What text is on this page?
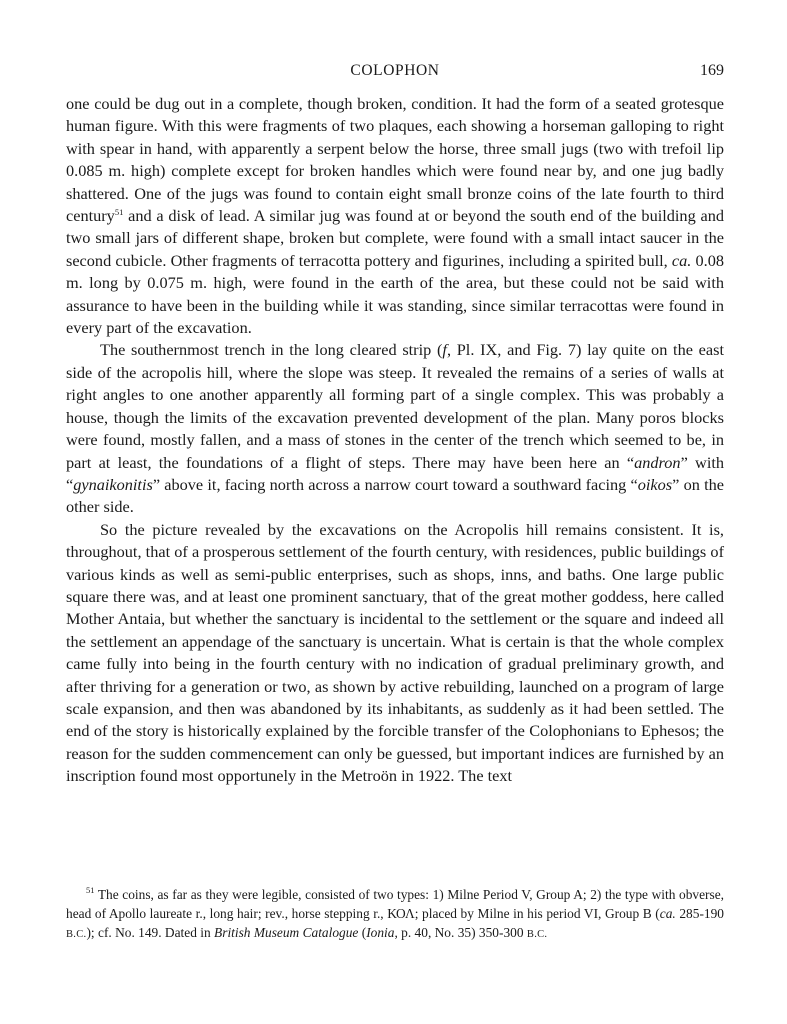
COLOPHON	169

one could be dug out in a complete, though broken, condition. It had the form of a seated grotesque human figure. With this were fragments of two plaques, each showing a horseman galloping to right with spear in hand, with apparently a serpent below the horse, three small jugs (two with trefoil lip 0.085 m. high) complete except for broken handles which were found near by, and one jug badly shattered. One of the jugs was found to contain eight small bronze coins of the late fourth to third century$^{51}$ and a disk of lead. A similar jug was found at or beyond the south end of the building and two small jars of different shape, broken but complete, were found with a small intact saucer in the second cubicle. Other fragments of terracotta pottery and figurines, including a spirited bull, ca. 0.08 m. long by 0.075 m. high, were found in the earth of the area, but these could not be said with assurance to have been in the building while it was standing, since similar terracottas were found in every part of the excavation.

The southernmost trench in the long cleared strip (f, Pl. IX, and Fig. 7) lay quite on the east side of the acropolis hill, where the slope was steep. It revealed the remains of a series of walls at right angles to one another apparently all forming part of a single complex. This was probably a house, though the limits of the excavation prevented development of the plan. Many poros blocks were found, mostly fallen, and a mass of stones in the center of the trench which seemed to be, in part at least, the foundations of a flight of steps. There may have been here an “andron” with “gynaikonitis” above it, facing north across a narrow court toward a southward facing “oikos” on the other side.

So the picture revealed by the excavations on the Acropolis hill remains consistent. It is, throughout, that of a prosperous settlement of the fourth century, with residences, public buildings of various kinds as well as semi-public enterprises, such as shops, inns, and baths. One large public square there was, and at least one prominent sanctuary, that of the great mother goddess, here called Mother Antaia, but whether the sanctuary is incidental to the settlement or the square and indeed all the settlement an appendage of the sanctuary is uncertain. What is certain is that the whole complex came fully into being in the fourth century with no indication of gradual preliminary growth, and after thriving for a generation or two, as shown by active rebuilding, launched on a program of large scale expansion, and then was abandoned by its inhabitants, as suddenly as it had been settled. The end of the story is historically explained by the forcible transfer of the Colophonians to Ephesos; the reason for the sudden commencement can only be guessed, but important indices are furnished by an inscription found most opportunely in the Metroön in 1922. The text

$^{51}$ The coins, as far as they were legible, consisted of two types: 1) Milne Period V, Group A; 2) the type with obverse, head of Apollo laureate r., long hair; rev., horse stepping r., ΚΟΛ; placed by Milne in his period VI, Group B (ca. 285-190 B.C.); cf. No. 149. Dated in British Museum Catalogue (Ionia, p. 40, No. 35) 350-300 B.C.
